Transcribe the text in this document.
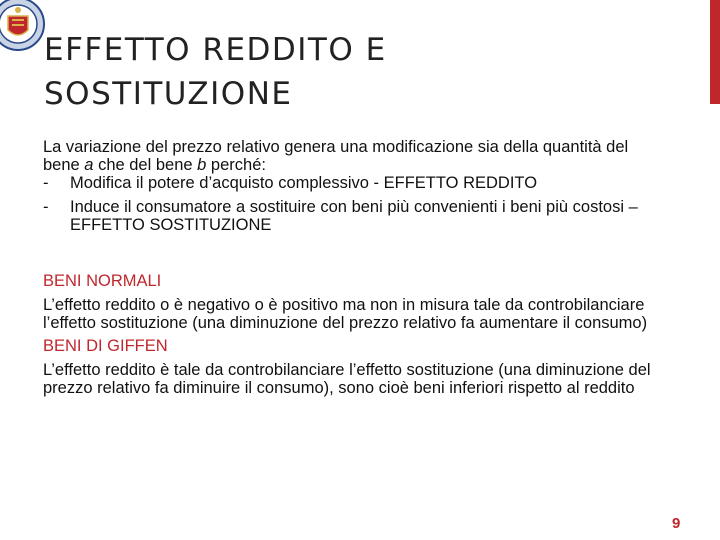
EFFETTO REDDITO E
SOSTITUZIONE

La variazione del prezzo relativo genera una modificazione sia della quantità del bene a che del bene b perché:

- Modifica il potere d’acquisto complessivo - EFFETTO REDDITO
- Induce il consumatore a sostituire con beni più convenienti i beni più costosi – EFFETTO SOSTITUZIONE

BENI NORMALI

L’effetto reddito o è negativo o è positivo ma non in misura tale da controbilanciare l’effetto sostituzione (una diminuzione del prezzo relativo fa aumentare il consumo)

BENI DI GIFFEN

L’effetto reddito è tale da controbilanciare l’effetto sostituzione (una diminuzione del prezzo relativo fa diminuire il consumo), sono cioè beni inferiori rispetto al reddito

9
